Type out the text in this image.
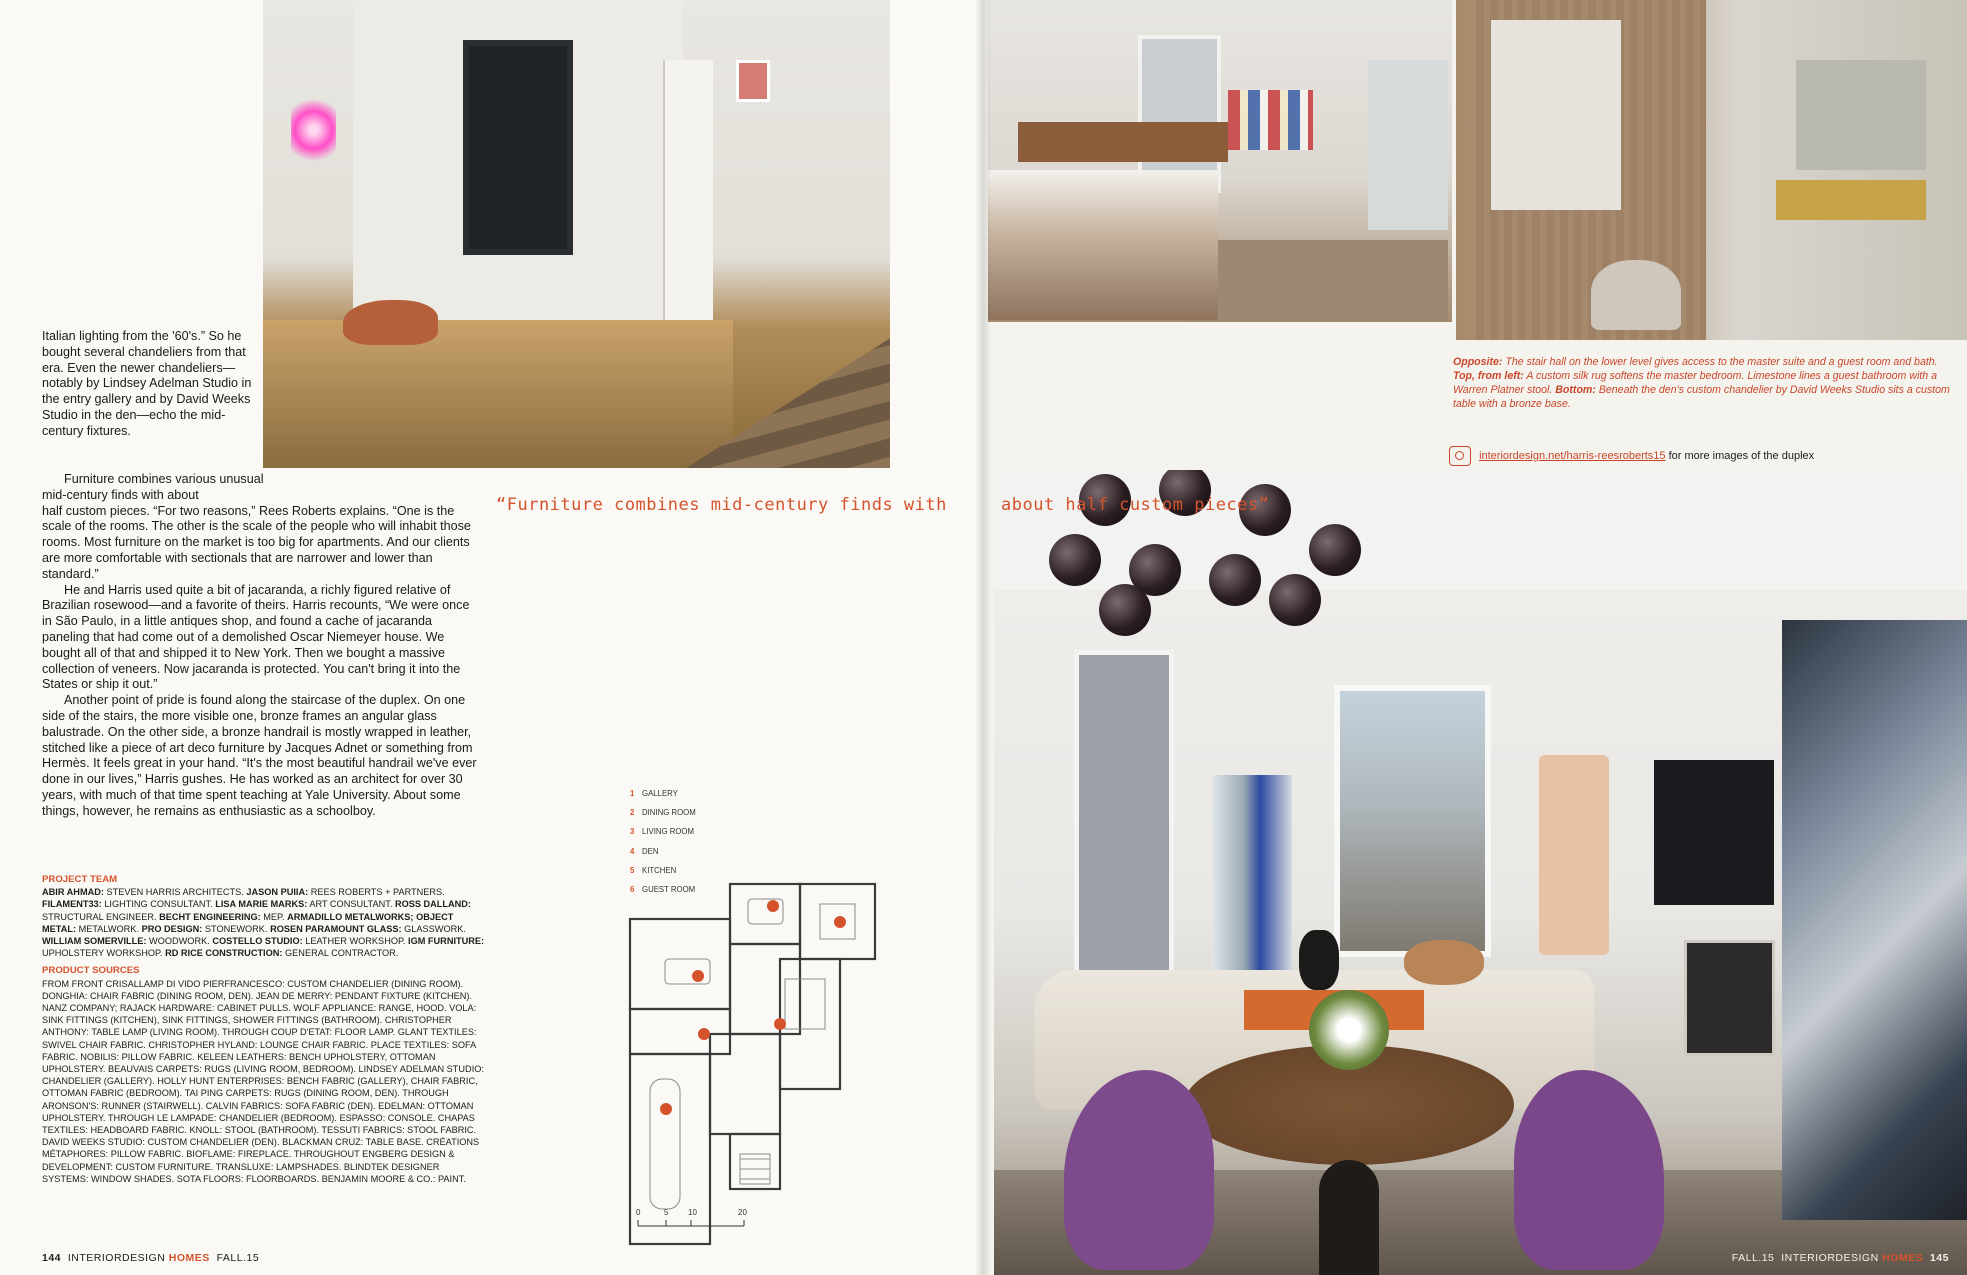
Italian lighting from the '60's.” So he bought several chandeliers from that era. Even the newer chandeliers—notably by Lindsey Adelman Studio in the entry gallery and by David Weeks Studio in the den—echo the mid-century fixtures.

Furniture combines various unusual mid-century finds with about

half custom pieces. “For two reasons,” Rees Roberts explains. “One is the scale of the rooms. The other is the scale of the people who will inhabit those rooms. Most furniture on the market is too big for apartments. And our clients are more comfortable with sectionals that are narrower and lower than standard.”

He and Harris used quite a bit of jacaranda, a richly figured relative of Brazilian rosewood—and a favorite of theirs. Harris recounts, “We were once in São Paulo, in a little antiques shop, and found a cache of jacaranda paneling that had come out of a demolished Oscar Niemeyer house. We bought all of that and shipped it to New York. Then we bought a massive collection of veneers. Now jacaranda is protected. You can't bring it into the States or ship it out.”

Another point of pride is found along the staircase of the duplex. On one side of the stairs, the more visible one, bronze frames an angular glass balustrade. On the other side, a bronze handrail is mostly wrapped in leather, stitched like a piece of art deco furniture by Jacques Adnet or something from Hermès. It feels great in your hand. “It's the most beautiful handrail we've ever done in our lives,” Harris gushes. He has worked as an architect for over 30 years, with much of that time spent teaching at Yale University. About some things, however, he remains as enthusiastic as a schoolboy.

“Furniture combines mid-century finds with	about half custom pieces”
PROJECT TEAM
ABIR AHMAD: STEVEN HARRIS ARCHITECTS. JASON PUIIA: REES ROBERTS + PARTNERS. FILAMENT33: LIGHTING CONSULTANT. LISA MARIE MARKS: ART CONSULTANT. ROSS DALLAND: STRUCTURAL ENGINEER. BECHT ENGINEERING: MEP. ARMADILLO METALWORKS; OBJECT METAL: METALWORK. PRO DESIGN: STONEWORK. ROSEN PARAMOUNT GLASS: GLASSWORK. WILLIAM SOMERVILLE: WOODWORK. COSTELLO STUDIO: LEATHER WORKSHOP. IGM FURNITURE: UPHOLSTERY WORKSHOP. RD RICE CONSTRUCTION: GENERAL CONTRACTOR.
PRODUCT SOURCES
FROM FRONT CRISALLAMP DI VIDO PIERFRANCESCO: CUSTOM CHANDELIER (DINING ROOM). DONGHIA: CHAIR FABRIC (DINING ROOM, DEN). JEAN DE MERRY: PENDANT FIXTURE (KITCHEN). NANZ COMPANY; RAJACK HARDWARE: CABINET PULLS. WOLF APPLIANCE: RANGE, HOOD. VOLA: SINK FITTINGS (KITCHEN), SINK FITTINGS, SHOWER FITTINGS (BATHROOM). CHRISTOPHER ANTHONY: TABLE LAMP (LIVING ROOM). THROUGH COUP D'ETAT: FLOOR LAMP. GLANT TEXTILES: SWIVEL CHAIR FABRIC. CHRISTOPHER HYLAND: LOUNGE CHAIR FABRIC. PLACE TEXTILES: SOFA FABRIC. NOBILIS: PILLOW FABRIC. KELEEN LEATHERS: BENCH UPHOLSTERY, OTTOMAN UPHOLSTERY. BEAUVAIS CARPETS: RUGS (LIVING ROOM, BEDROOM). LINDSEY ADELMAN STUDIO: CHANDELIER (GALLERY). HOLLY HUNT ENTERPRISES: BENCH FABRIC (GALLERY), CHAIR FABRIC, OTTOMAN FABRIC (BEDROOM). TAI PING CARPETS: RUGS (DINING ROOM, DEN). THROUGH ARONSON'S: RUNNER (STAIRWELL). CALVIN FABRICS: SOFA FABRIC (DEN). EDELMAN: OTTOMAN UPHOLSTERY. THROUGH LE LAMPADE: CHANDELIER (BEDROOM). ESPASSO: CONSOLE. CHAPAS TEXTILES: HEADBOARD FABRIC. KNOLL: STOOL (BATHROOM). TESSUTI FABRICS: STOOL FABRIC. DAVID WEEKS STUDIO: CUSTOM CHANDELIER (DEN). BLACKMAN CRUZ: TABLE BASE. CRÉATIONS MÉTAPHORES: PILLOW FABRIC. BIOFLAME: FIREPLACE. THROUGHOUT ENGBERG DESIGN & DEVELOPMENT: CUSTOM FURNITURE. TRANSLUXE: LAMPSHADES. BLINDTEK DESIGNER SYSTEMS: WINDOW SHADES. SOTA FLOORS: FLOORBOARDS. BENJAMIN MOORE & CO.: PAINT.
144 INTERIORDESIGN HOMES FALL.15
1 GALLERY
2 DINING ROOM
3 LIVING ROOM
4 DEN
5 KITCHEN
6 GUEST ROOM
0	5 10	20
Opposite: The stair hall on the lower level gives access to the master suite and a guest room and bath.
Top, from left: A custom silk rug softens the master bedroom. Limestone lines a guest bathroom with a Warren Platner stool. Bottom: Beneath the den's custom chandelier by David Weeks Studio sits a custom table with a bronze base.
interiordesign.net/harris-reesroberts15 for more images of the duplex
FALL.15 INTERIORDESIGN HOMES 145
